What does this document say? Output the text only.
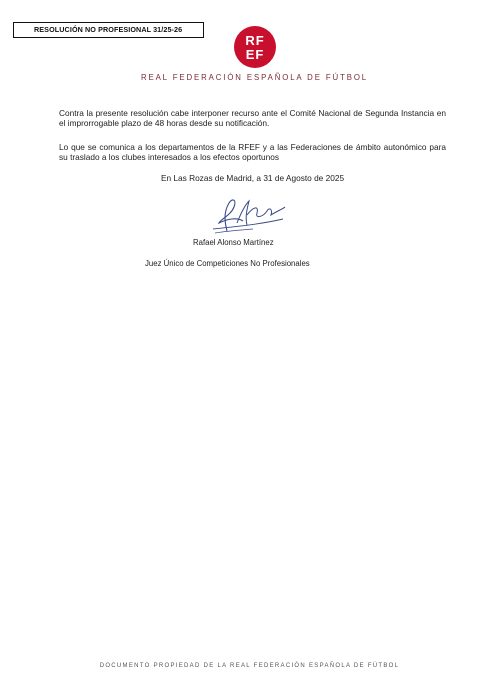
RESOLUCIÓN NO PROFESIONAL 31/25-26
RF
EF
REAL FEDERACIÓN ESPAÑOLA DE FÚTBOL
Contra la presente resolución cabe interponer recurso ante el Comité Nacional de Segunda Instancia en el improrrogable plazo de 48 horas desde su notificación.
Lo que se comunica a los departamentos de la RFEF y a las Federaciones de ámbito autonómico para su traslado a los clubes interesados a los efectos oportunos
En Las Rozas de Madrid, a 31 de Agosto de 2025
Rafael Alonso Martínez
Juez Único de Competiciones No Profesionales
DOCUMENTO PROPIEDAD DE LA REAL FEDERACIÓN ESPAÑOLA DE FÚTBOL
